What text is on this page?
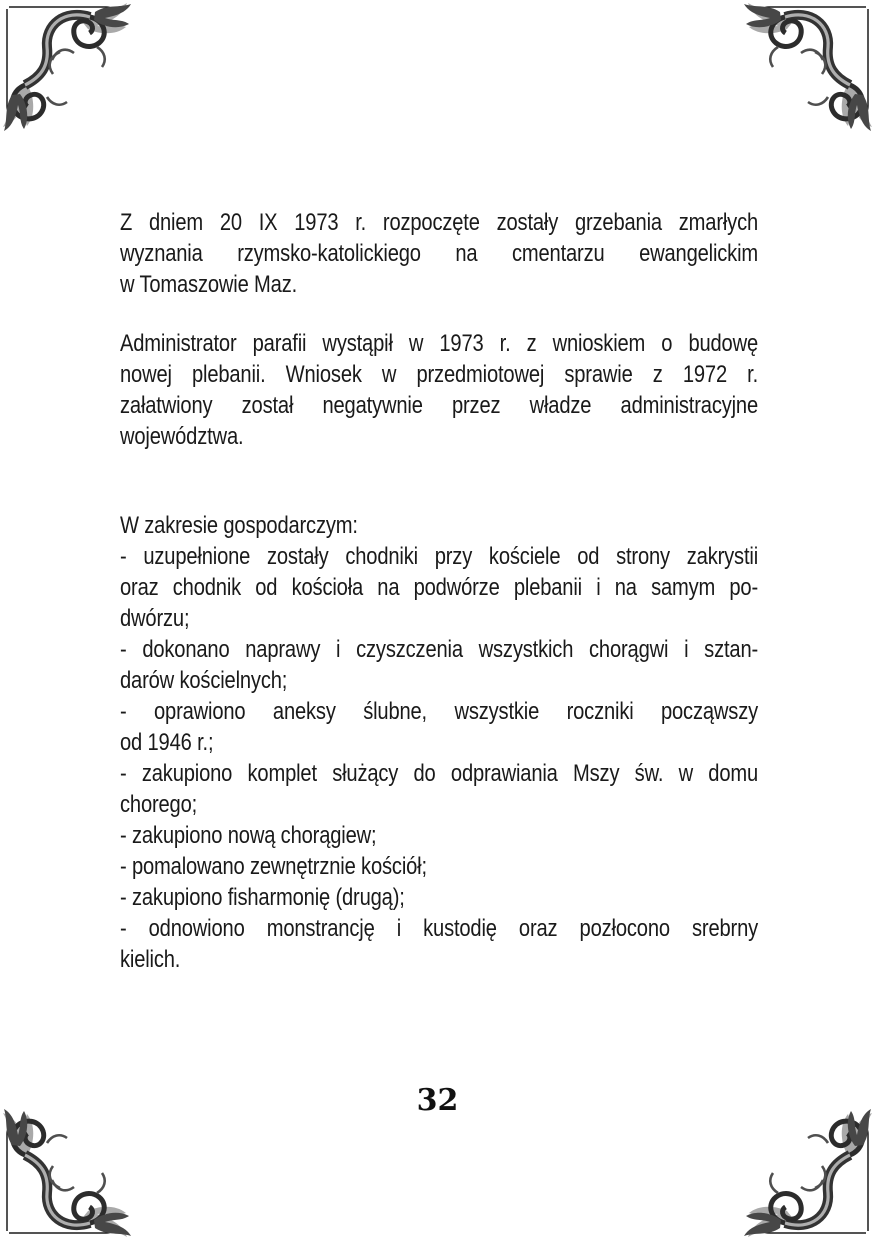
Z dniem 20 IX 1973 r. rozpoczęte zostały grzebania zmarłych
wyznania rzymsko-katolickiego na cmentarzu ewangelickim
w Tomaszowie Maz.
Administrator parafii wystąpił w 1973 r. z wnioskiem o budowę
nowej plebanii. Wniosek w przedmiotowej sprawie z 1972 r.
załatwiony został negatywnie przez władze administracyjne
województwa.
W zakresie gospodarczym:
- uzupełnione zostały chodniki przy kościele od strony zakrystii
oraz chodnik od kościoła na podwórze plebanii i na samym po-
dwórzu;
- dokonano naprawy i czyszczenia wszystkich chorągwi i sztan-
darów kościelnych;
- oprawiono aneksy ślubne, wszystkie roczniki począwszy
od 1946 r.;
- zakupiono komplet służący do odprawiania Mszy św. w domu
chorego;
- zakupiono nową chorągiew;
- pomalowano zewnętrznie kościół;
- zakupiono fisharmonię (drugą);
- odnowiono monstrancję i kustodię oraz pozłocono srebrny
kielich.
32
